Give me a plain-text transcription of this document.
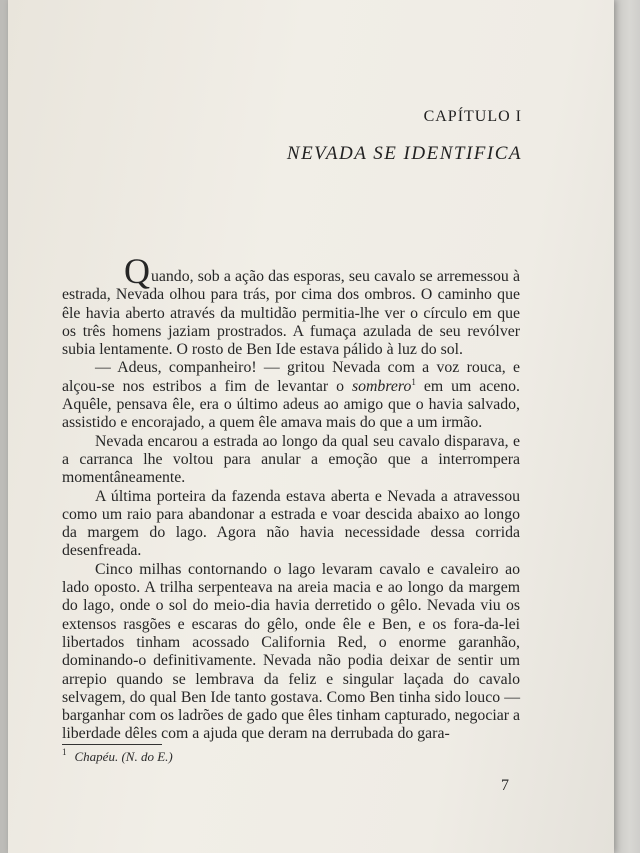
CAPÍTULO I
NEVADA SE IDENTIFICA

Quando, sob a ação das esporas, seu cavalo se arremessou à estrada, Nevada olhou para trás, por cima dos ombros. O caminho que êle havia aberto através da multidão permitia-lhe ver o círculo em que os três homens jaziam prostrados. A fumaça azulada de seu revólver subia lentamente. O rosto de Ben Ide estava pálido à luz do sol.

— Adeus, companheiro! — gritou Nevada com a voz rouca, e alçou-se nos estribos a fim de levantar o sombrero$^1$ em um aceno. Aquêle, pensava êle, era o último adeus ao amigo que o havia salvado, assistido e encorajado, a quem êle amava mais do que a um irmão.

Nevada encarou a estrada ao longo da qual seu cavalo disparava, e a carranca lhe voltou para anular a emoção que a interrompera momentâneamente.

A última porteira da fazenda estava aberta e Nevada a atravessou como um raio para abandonar a estrada e voar descida abaixo ao longo da margem do lago. Agora não havia necessidade dessa corrida desenfreada.

Cinco milhas contornando o lago levaram cavalo e cavaleiro ao lado oposto. A trilha serpenteava na areia macia e ao longo da margem do lago, onde o sol do meio-dia havia derretido o gêlo. Nevada viu os extensos rasgões e escaras do gêlo, onde êle e Ben, e os fora-da-lei libertados tinham acossado California Red, o enorme garanhão, dominando-o definitivamente. Nevada não podia deixar de sentir um arrepio quando se lembrava da feliz e singular laçada do cavalo selvagem, do qual Ben Ide tanto gostava. Como Ben tinha sido louco — barganhar com os ladrões de gado que êles tinham capturado, negociar a liberdade dêles com a ajuda que deram na derrubada do gara-

$^1$ Chapéu. (N. do E.)
7
